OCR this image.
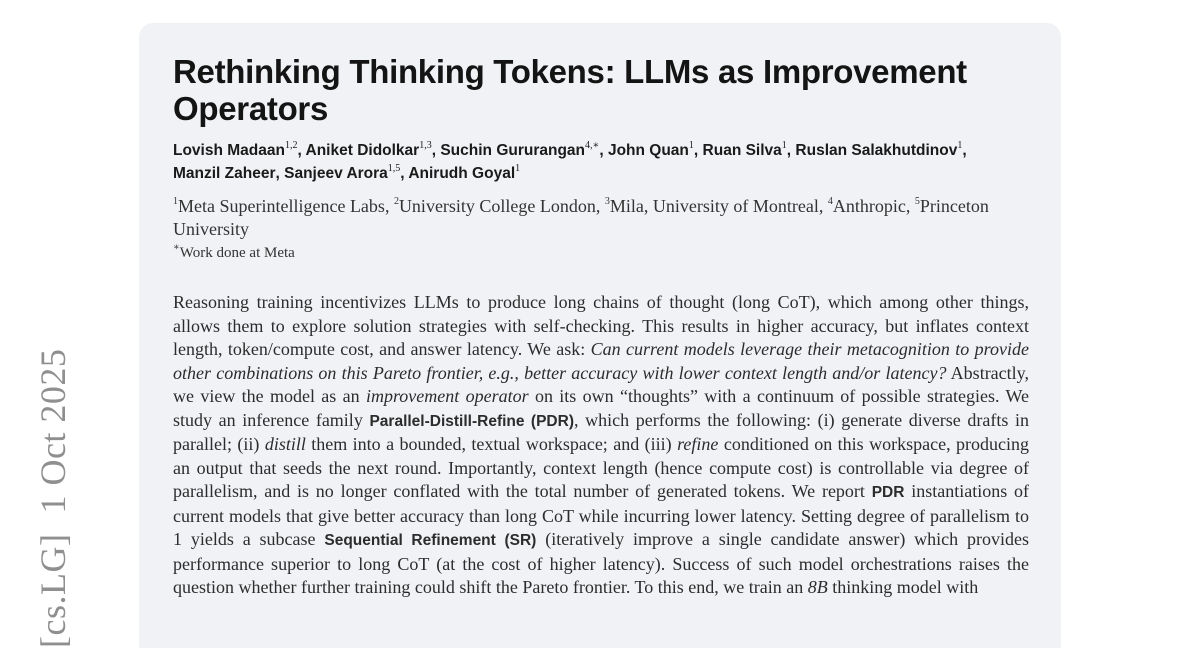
[cs.LG]1 Oct 2025
Rethinking Thinking Tokens: LLMs as Improvement Operators
Lovish Madaan$^{1,2}$, Aniket Didolkar$^{1,3}$, Suchin Gururangan$^{4,∗}$, John Quan$^1$, Ruan Silva$^1$, Ruslan Salakhutdinov$^1$, Manzil Zaheer, Sanjeev Arora$^{1,5}$, Anirudh Goyal$^1$
$^1$Meta Superintelligence Labs, $^2$University College London, $^3$Mila, University of Montreal, $^4$Anthropic, $^5$Princeton University
∗Work done at Meta
Reasoning training incentivizes LLMs to produce long chains of thought (long CoT), which among other things, allows them to explore solution strategies with self-checking. This results in higher accuracy, but inflates context length, token/compute cost, and answer latency. We ask: Can current models leverage their metacognition to provide other combinations on this Pareto frontier, e.g., better accuracy with lower context length and/or latency? Abstractly, we view the model as an improvement operator on its own “thoughts” with a continuum of possible strategies. We study an inference family Parallel-Distill-Refine (PDR), which performs the following: (i) generate diverse drafts in parallel; (ii) distill them into a bounded, textual workspace; and (iii) refine conditioned on this workspace, producing an output that seeds the next round. Importantly, context length (hence compute cost) is controllable via degree of parallelism, and is no longer conflated with the total number of generated tokens. We report PDR instantiations of current models that give better accuracy than long CoT while incurring lower latency. Setting degree of parallelism to 1 yields a subcase Sequential Refinement (SR) (iteratively improve a single candidate answer) which provides performance superior to long CoT (at the cost of higher latency). Success of such model orchestrations raises the question whether further training could shift the Pareto frontier. To this end, we train an 8B thinking model with
